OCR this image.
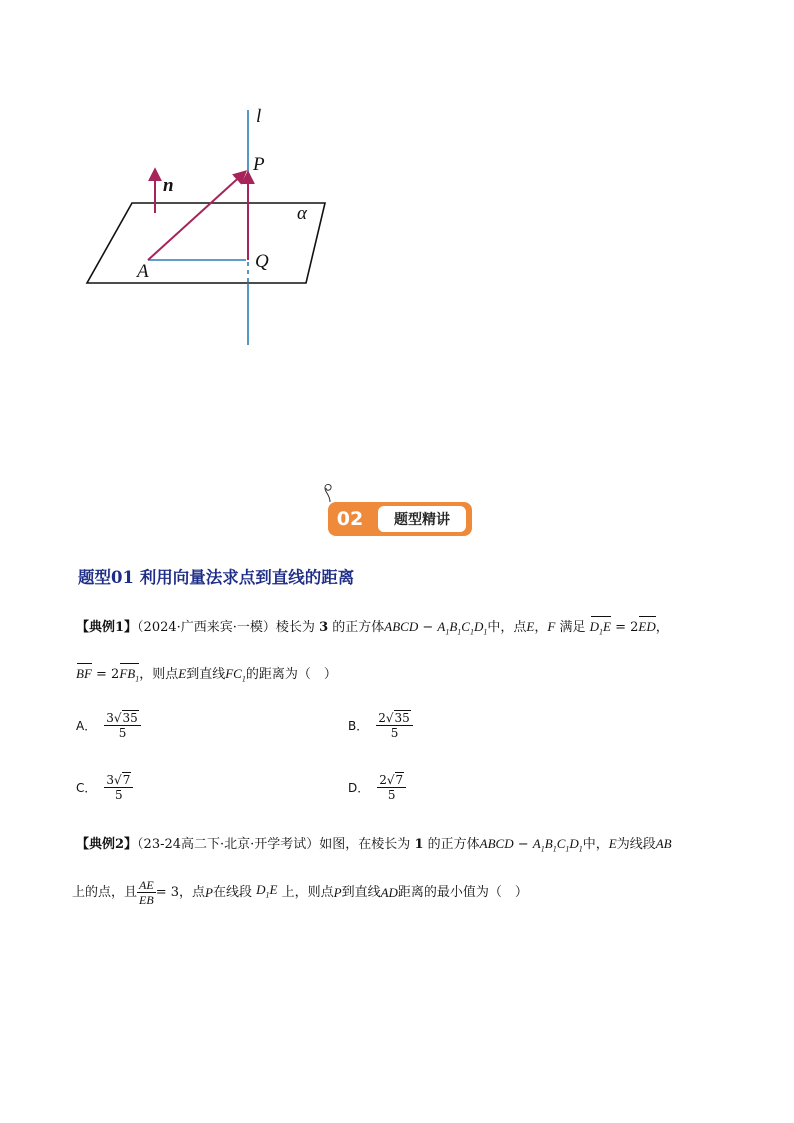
l
P
n
α
A	Q
02	题型精讲
题型01 利用向量法求点到直线的距离
【典例1】（2024·广西来宾·一模）棱长为 3 的正方体ABCD − $A_1B_1C_1D_1$中，点E，F 满足 $D_1E = 2ED$，
BF = $2FB_1$，则点E到直线$FC_1$的距离为（　）
A． $\frac{3√35}{5}$	B． $\frac{2√35}{5}$
C． $\frac{3√7}{5}$	D． $\frac{2√7}{5}$
【典例2】（23-24高二下·北京·开学考试）如图，在棱长为 1 的正方体ABCD − $A_1B_1C_1D_1$中，E为线段AB
上的点，且 $\frac{AE}{EB} = 3$ ，点 P 在线段
$D_1E$
上，则点 P 到直线 AD 距离的最小值为（　）
